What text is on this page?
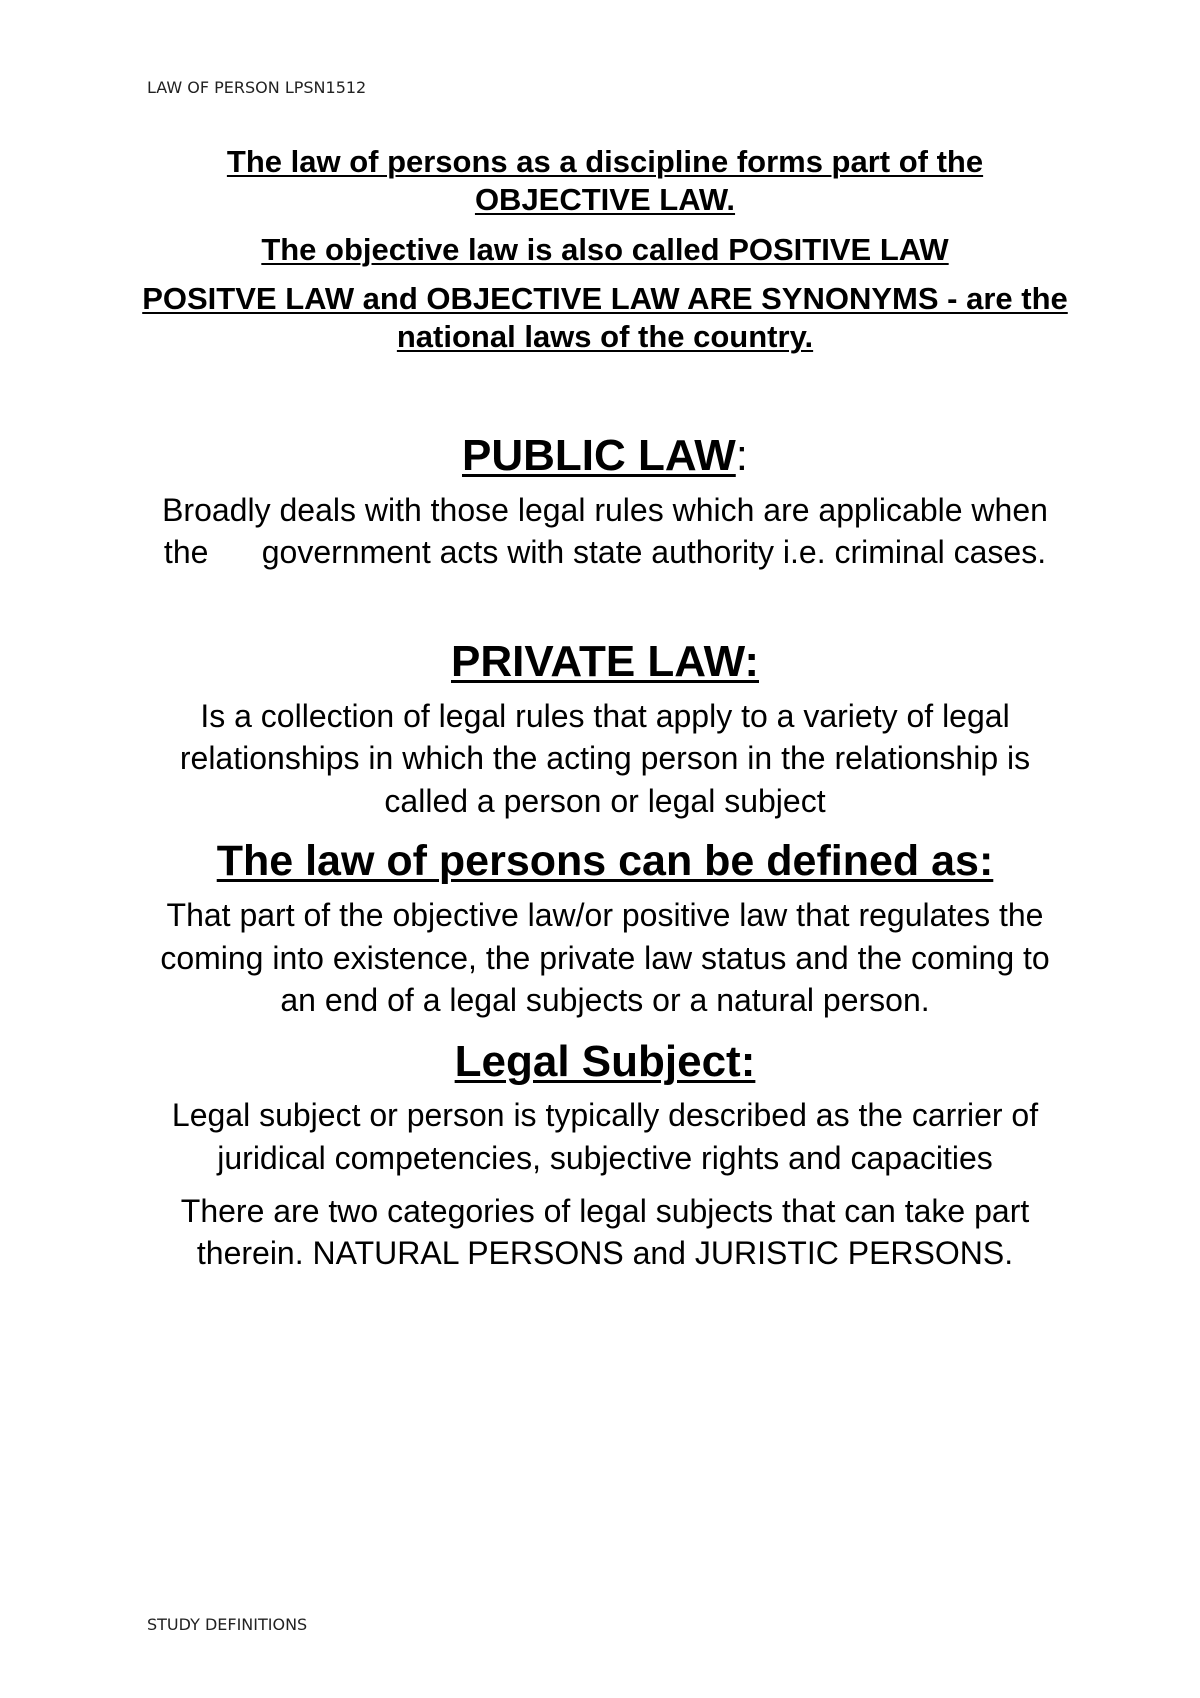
LAW OF PERSON LPSN1512

The law of persons as a discipline forms part of the OBJECTIVE LAW.

The objective law is also called POSITIVE LAW

POSITVE LAW and OBJECTIVE LAW ARE SYNONYMS - are the national laws of the country.

PUBLIC LAW:

Broadly deals with those legal rules which are applicable when the government acts with state authority i.e. criminal cases.

PRIVATE LAW:

Is a collection of legal rules that apply to a variety of legal relationships in which the acting person in the relationship is called a person or legal subject

The law of persons can be defined as:

That part of the objective law/or positive law that regulates the coming into existence, the private law status and the coming to an end of a legal subjects or a natural person.

Legal Subject:

Legal subject or person is typically described as the carrier of juridical competencies, subjective rights and capacities

There are two categories of legal subjects that can take part therein. NATURAL PERSONS and JURISTIC PERSONS.

STUDY DEFINITIONS
